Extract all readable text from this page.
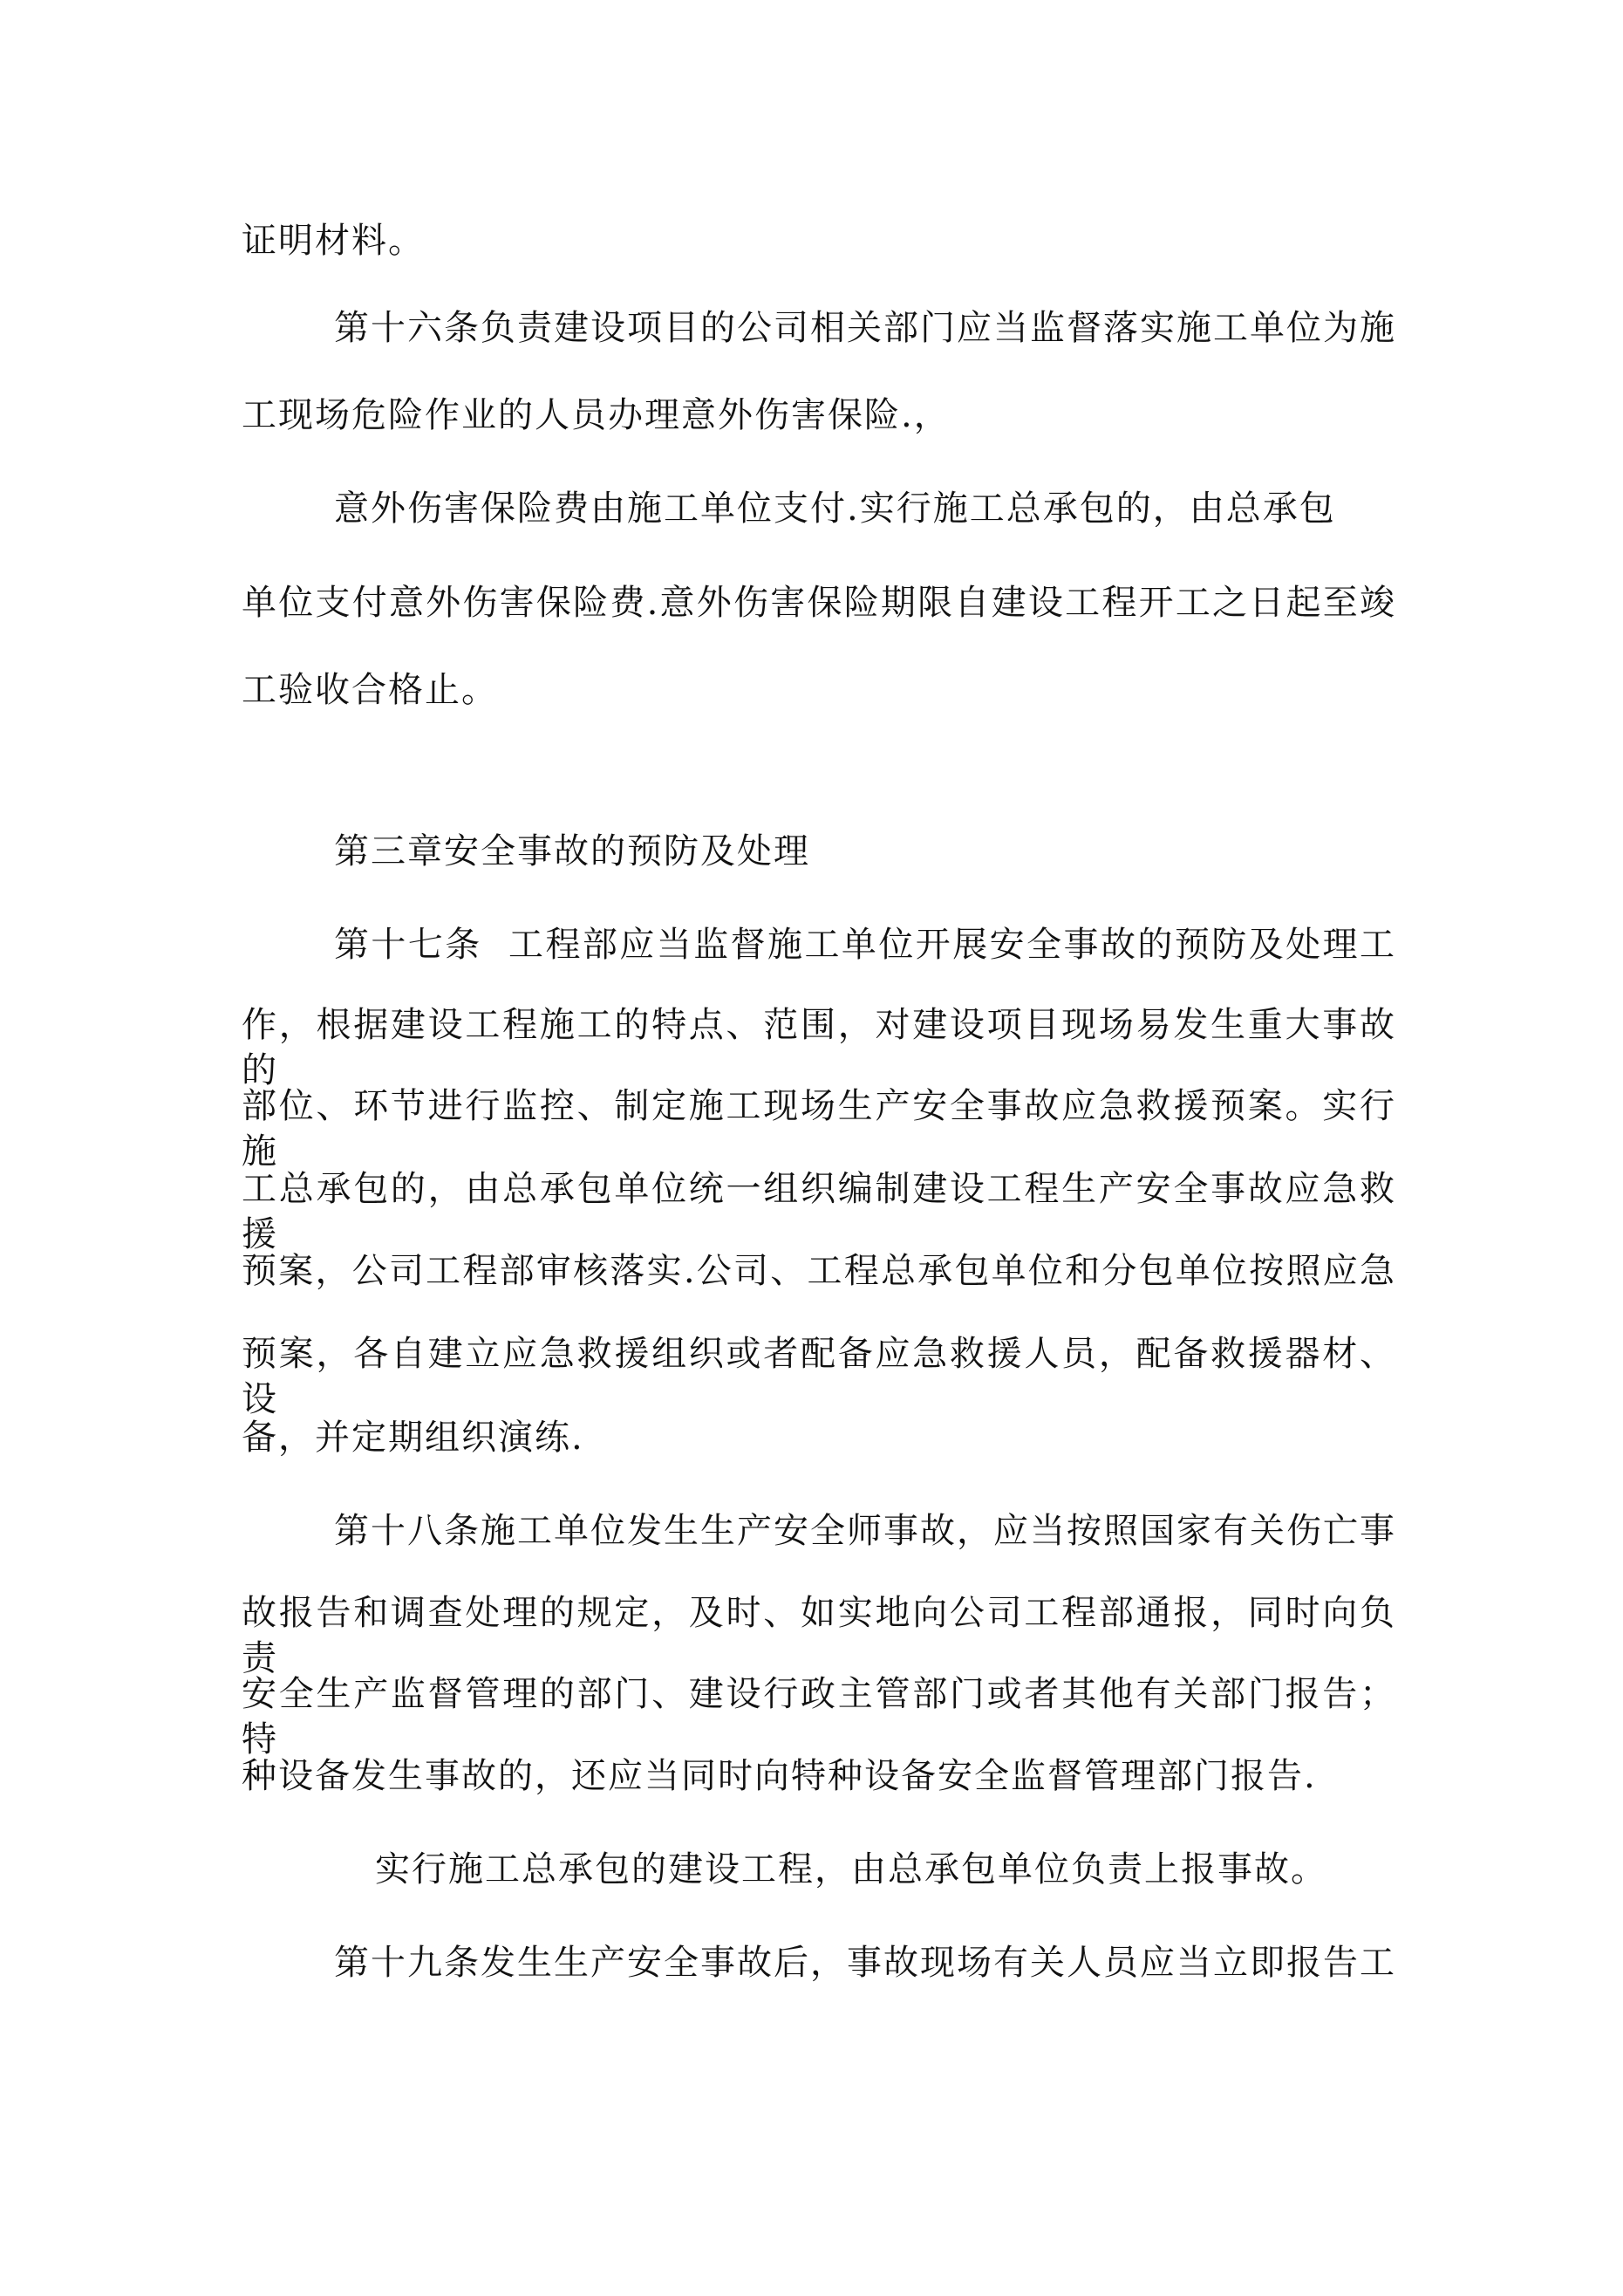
证明材料。
第十六条负责建设项目的公司相关部门应当监督落实施工单位为施
工现场危险作业的人员办理意外伤害保险.，
意外伤害保险费由施工单位支付.实行施工总承包的，由总承包
单位支付意外伤害保险费.意外伤害保险期限自建设工程开工之日起至竣
工验收合格止。
第三章安全事故的预防及处理
第十七条  工程部应当监督施工单位开展安全事故的预防及处理工
作，根据建设工程施工的特点、范围，对建设项目现场易发生重大事故的
部位、环节进行监控、制定施工现场生产安全事故应急救援预案。实行施
工总承包的，由总承包单位统一组织编制建设工程生产安全事故应急救援
预案，公司工程部审核落实.公司、工程总承包单位和分包单位按照应急
预案，各自建立应急救援组织或者配备应急救援人员，配备救援器材、设
备，并定期组织演练.
第十八条施工单位发生生产安全师事故，应当按照国家有关伤亡事
故报告和调查处理的规定，及时、如实地向公司工程部通报，同时向负责
安全生产监督管理的部门、建设行政主管部门或者其他有关部门报告；特
种设备发生事故的，还应当同时向特种设备安全监督管理部门报告.
实行施工总承包的建设工程，由总承包单位负责上报事故。
第十九条发生生产安全事故后，事故现场有关人员应当立即报告工
